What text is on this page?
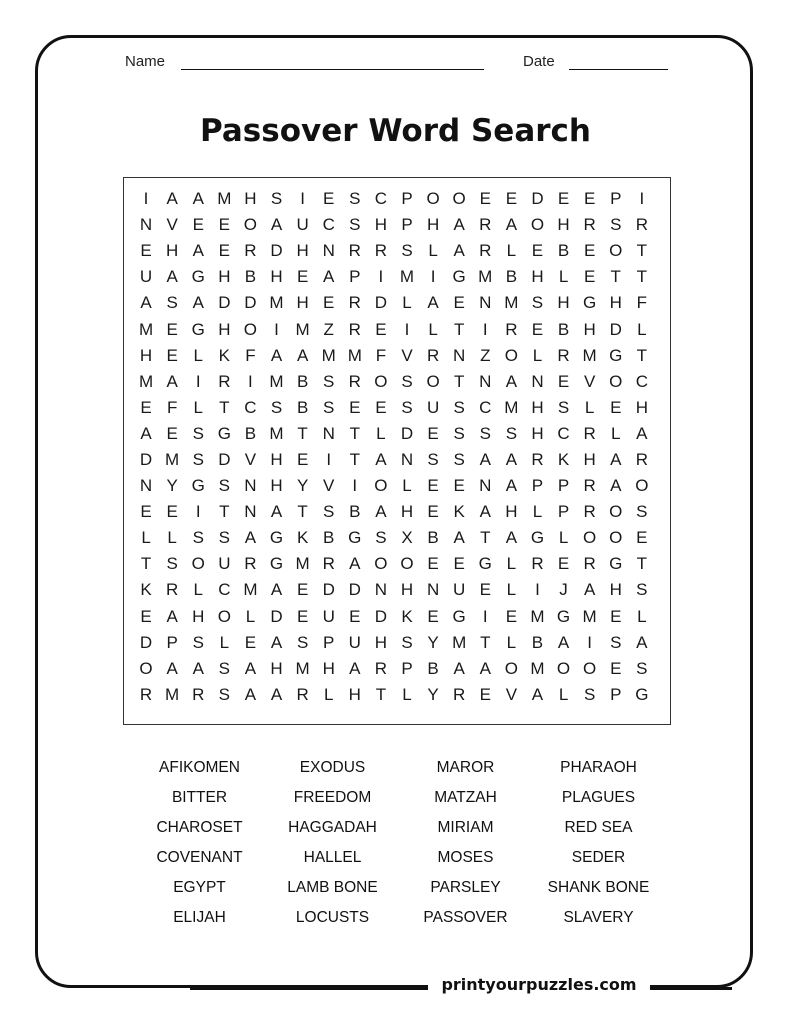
Name	Date
Passover Word Search
I	A A M H S	I	E S C P O O E E D E E P	I
N V E E O A U C S H P H A R A O H R S R
E H A E R D H N R R S L A R L E B E O T
U A G H B H E A P	I M I	G M B H L E T T
A S A D D M H E R D L A E N M S H G H F
M E G H O	I M Z R E	I	L T	I	R E B H D L
H E L K F A A M M F V R N Z O L R M G T
M A	I	R	I M B S R O S O T N A N E V O C
E F L T C S B S E E S U S C M H S L E H
A E S G B M T N T L D E S S S H C R L A
D M S D V H E	I	T A N S S A A R K H A R
N Y G S N H Y V	I	O L E E N A P P R A O
E E	I	T N A T S B A H E K A H L P R O S
L L S S A G K B G S X B A T A G L O O E
T S O U R G M R A O O E E G L R E R G T
K R L C M A E D D N H N U E L	I	J A H S
E A H O L D E U E D K E G	I	E M G M E L
D P S L E A S P U H S Y M T L B A	I	S A
O A A S A H M H A R P B A A O M O O E S
R M R S A A R L H T L Y R E V A L S P G
AFIKOMEN	EXODUS	MAROR	PHARAOH
BITTER	FREEDOM	MATZAH	PLAGUES
CHAROSET	HAGGADAH	MIRIAM	RED SEA
COVENANT	HALLEL	MOSES	SEDER
EGYPT	LAMB BONE	PARSLEY	SHANK BONE
ELIJAH	LOCUSTS	PASSOVER	SLAVERY
printyourpuzzles.com
